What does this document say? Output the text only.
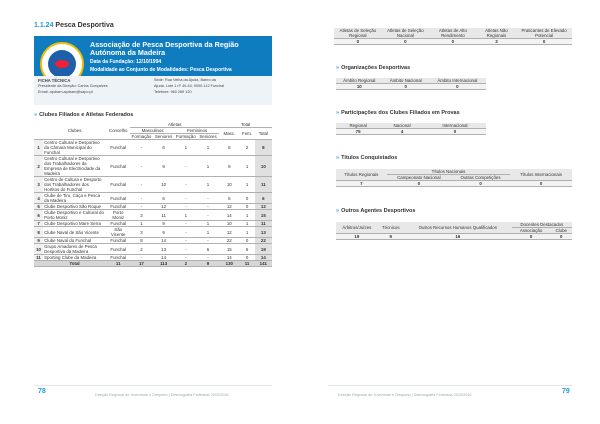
1.1.24 Pesca Desportiva
Associação de Pesca Desportiva da Região Autónoma da Madeira
Data da Fundação: 12/10/1994
Modalidade ao Conjunto de Modalidades: Pesca Desportiva
FICHA TÉCNICA
Presidente da Direção: Carlos Gonçalves
Email: apdram.apdram@sapo.pt
Sede: Rua Velha da Ajuda, Bairro da
Ajuda, Lote 1 nº 40-44, 9000-112 Funchal
Telefone: 960 289 120
» Clubes Filiados e Atletas Federados
	Clubes	Concelho	Atletas				Total		
			Masculinos		Femininos		Masc.	Fem.	Total
			Formação	Seniores	Formação	Seniores			
1	Centro Cultural e Desportivo da Câmara Municipal do Funchal	Funchal	-	6	1	1	6	2	8
2	Centro Cultural e Desportivo dos Trabalhadores da Empresa de Electricidade da Madeira	Funchal	-	9	-	1	9	1	10
3	Centro de Cultura e Desporto dos Trabalhadores dos Hortitos do Funchal	Funchal	-	10	-	1	10	1	11
4	Clube de Tiro, Caça e Pesca da Madeira	Funchal	-	6	-	-	6	0	6
5	Clube Desportivo São Roque	Funchal	-	12	-	-	12	0	12
6	Clube Desportivo e Cultural do Porto Moniz	Porto Moniz	3	11	1	-	14	1	15
7	Clube Desportivo Mare Serra	Funchal	1	9	-	1	10	1	11
8	Clube Naval de São Vicente	São Vicente	3	9	-	1	12	1	13
9	Clube Naval do Funchal	Funchal	8	14	-	-	22	0	22
10	Grupo Amadores de Pesca Desportiva da Madeira	Funchal	2	13	-	6	15	6	19
11	Sporting Clube da Madeira	Funchal	-	14	-	-	14	0	14
	Total	11	17	113	2	9	130	11	141
78	Direção Regional de Juventude e Desporto | Desmografia Federada 2015/2016
Atletas de Seleção Regional	Atletas de Seleção Nacional	Atletas de Alto Rendimento	Atletas Não Regionais	Praticantes de Elevado Potencial
0	0	0	3	0
» Organizações Desportivas
Âmbito Regional	Âmbito Nacional	Âmbito Internacional
10	0	0
» Participações dos Clubes Filiados em Provas
Regional	Nacional	Internacional
75	4	0
» Títulos Conquistados
Títulos Regionais	Títulos Nacionais		Títulos Internacionais
	Campeonato Nacional	Outras Competições	
7	0	0	0
» Outros Agentes Desportivos
Árbitros/Juízes	Técnicos	Outros Recursos Humanos Qualificados	Docentes Destacados	
			Associação	Clube
19	9	16	0	0
Direção Regional de Juventude e Desporto | Desmografia Federada 2015/2016	79
